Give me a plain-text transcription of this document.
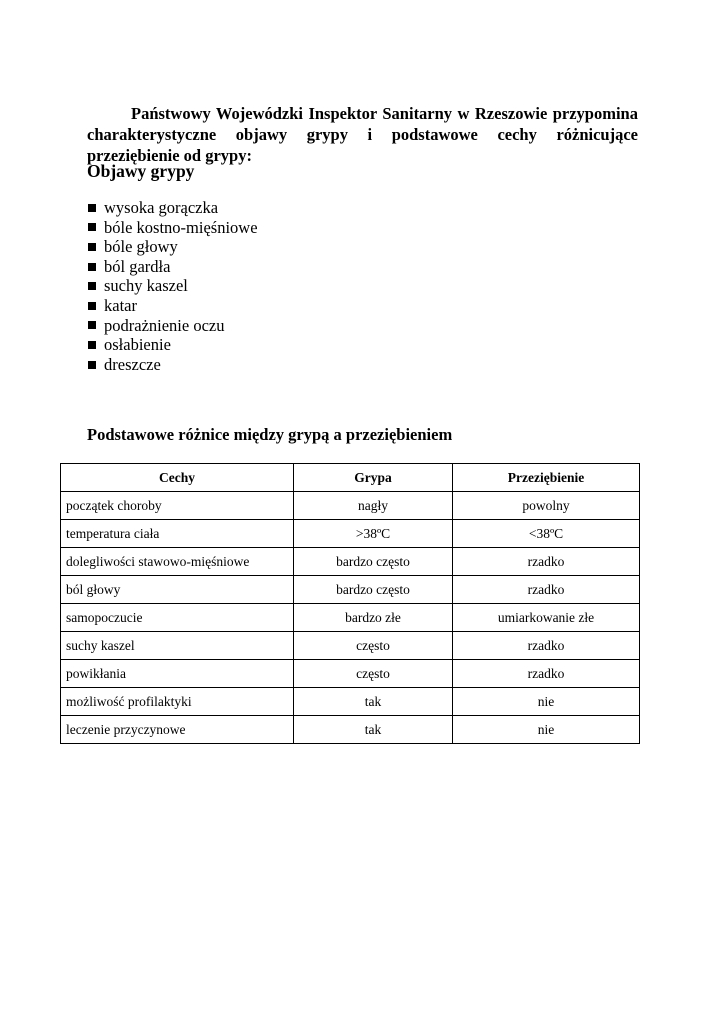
Państwowy Wojewódzki Inspektor Sanitarny w Rzeszowie przypomina charakterystyczne objawy grypy i podstawowe cechy różnicujące przeziębienie od grypy:

Objawy grypy
wysoka gorączka
bóle kostno-mięśniowe
bóle głowy
ból gardła
suchy kaszel
katar
podrażnienie oczu
osłabienie
dreszcze
Podstawowe różnice między grypą a przeziębieniem
Cechy	Grypa	Przeziębienie
początek choroby	nagły	powolny
temperatura ciała	>38ºC	<38ºC
dolegliwości stawowo-mięśniowe	bardzo często	rzadko
ból głowy	bardzo często	rzadko
samopoczucie	bardzo złe	umiarkowanie złe
suchy kaszel	często	rzadko
powikłania	często	rzadko
możliwość profilaktyki	tak	nie
leczenie przyczynowe	tak	nie
